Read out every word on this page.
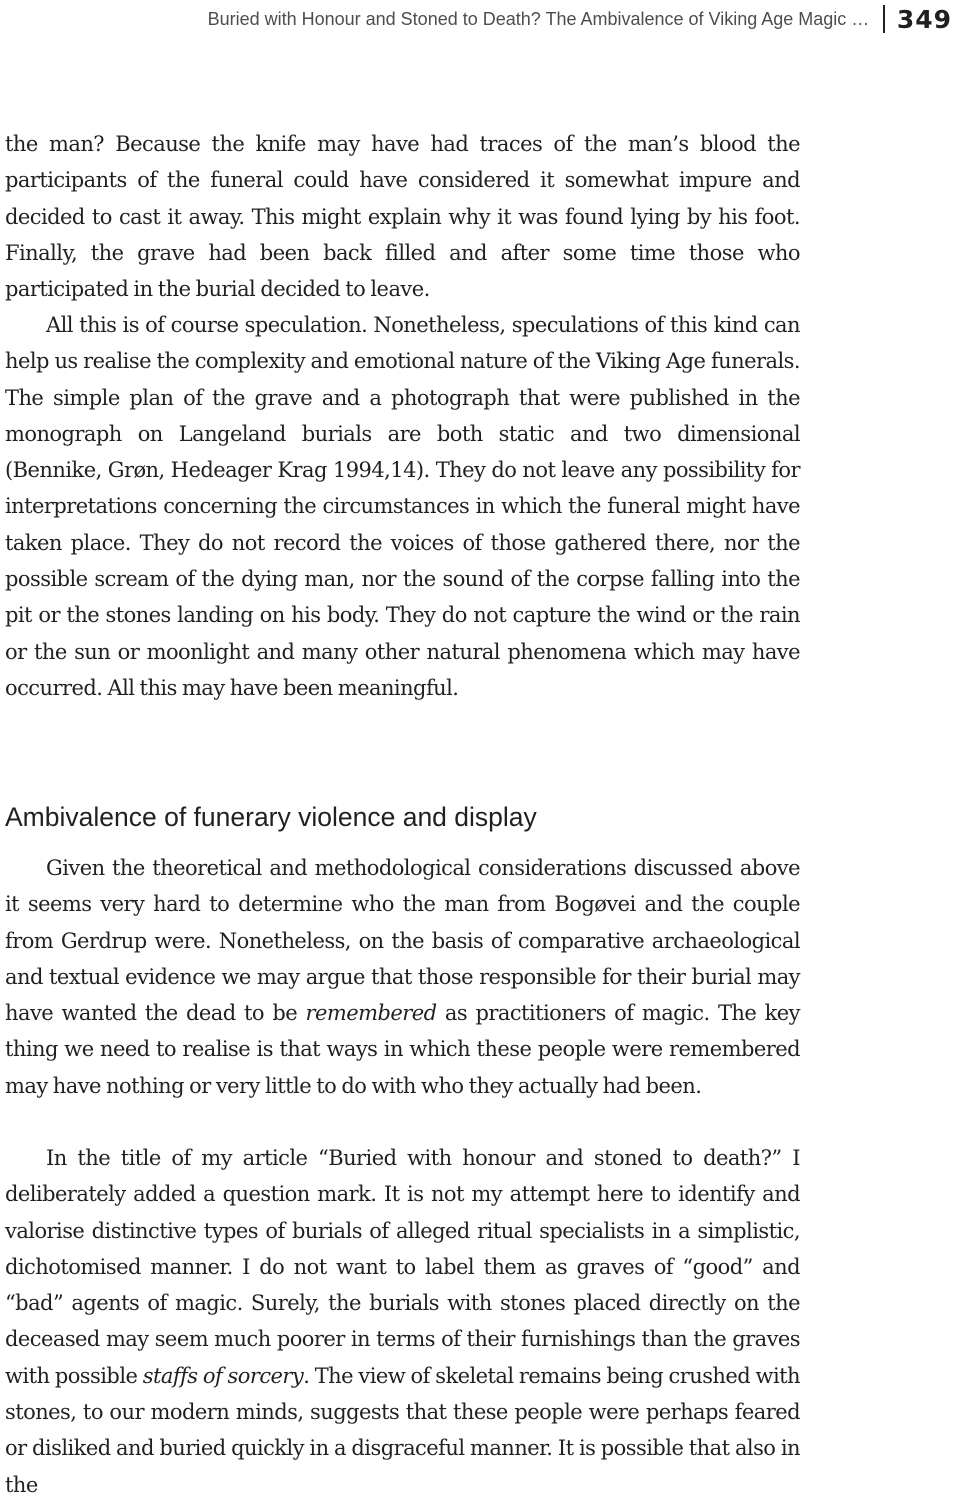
Buried with Honour and Stoned to Death? The Ambivalence of Viking Age Magic … 349

the man? Because the knife may have had traces of the man’s blood the participants of the funeral could have considered it somewhat impure and decided to cast it away. This might explain why it was found lying by his foot. Finally, the grave had been back filled and after some time those who participated in the burial decided to leave.

All this is of course speculation. Nonetheless, speculations of this kind can help us realise the complexity and emotional nature of the Viking Age funerals. The simple plan of the grave and a photograph that were published in the monograph on Langeland burials are both static and two dimensional (Bennike, Grøn, Hedeager Krag 1994,14). They do not leave any possibility for interpretations concerning the circumstances in which the funeral might have taken place. They do not record the voices of those gathered there, nor the possible scream of the dying man, nor the sound of the corpse falling into the pit or the stones landing on his body. They do not capture the wind or the rain or the sun or moonlight and many other natural phenomena which may have occurred. All this may have been meaningful.

Ambivalence of funerary violence and display

Given the theoretical and methodological considerations discussed above it seems very hard to determine who the man from Bogøvei and the couple from Gerdrup were. Nonetheless, on the basis of comparative archaeological and textual evidence we may argue that those responsible for their burial may have wanted the dead to be remembered as practitioners of magic. The key thing we need to realise is that ways in which these people were remembered may have nothing or very little to do with who they actually had been.

In the title of my article “Buried with honour and stoned to death?” I deliberately added a question mark. It is not my attempt here to identify and valorise distinctive types of burials of alleged ritual specialists in a simplistic, dichotomised manner. I do not want to label them as graves of “good” and “bad” agents of magic. Surely, the burials with stones placed directly on the deceased may seem much poorer in terms of their furnishings than the graves with possible staffs of sorcery. The view of skeletal remains being crushed with stones, to our modern minds, suggests that these people were perhaps feared or disliked and buried quickly in a disgraceful manner. It is possible that also in the
